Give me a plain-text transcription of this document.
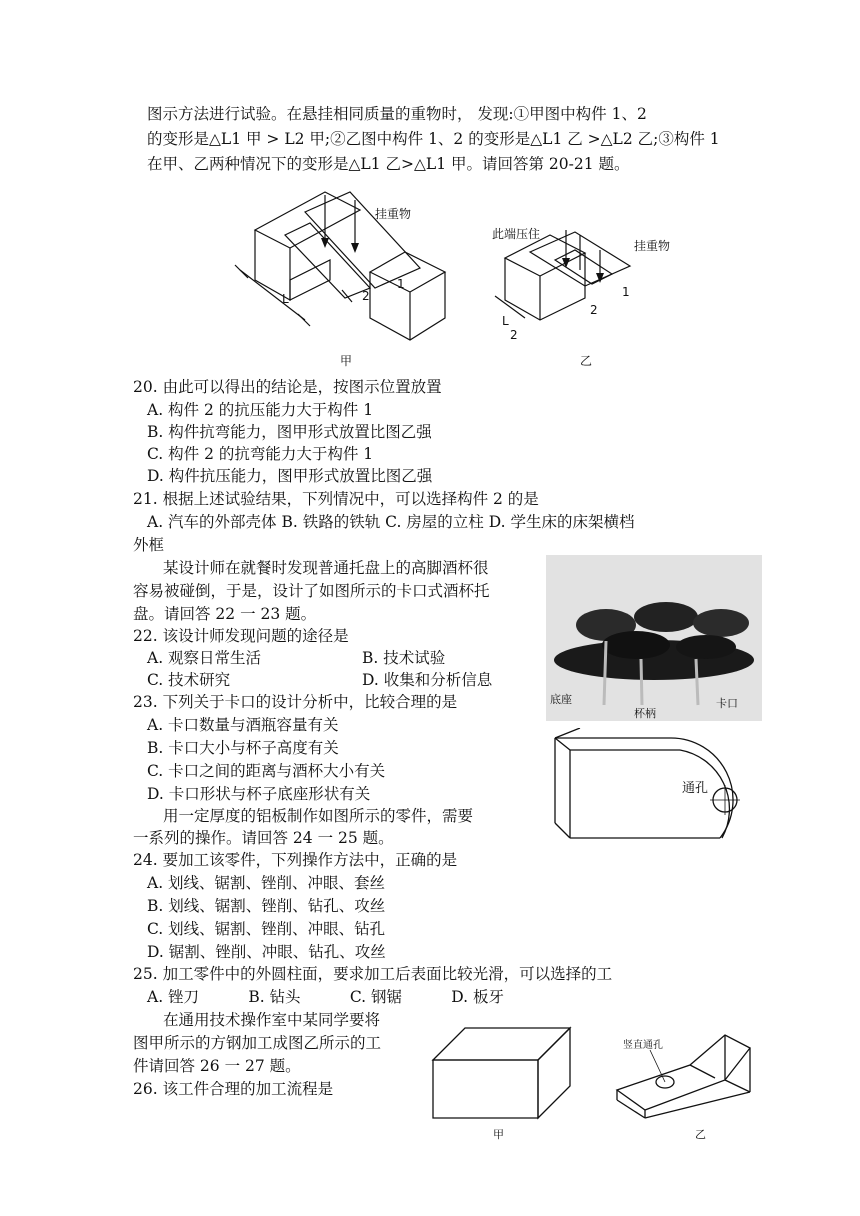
图示方法进行试验。在悬挂相同质量的重物时， 发现:①甲图中构件 1、2
的变形是△L1 甲 > L2 甲;②乙图中构件 1、2 的变形是△L1 乙 >△L2 乙;③构件 1
在甲、乙两种情况下的变形是△L1 乙>△L1 甲。请回答第 20-21 题。
挂重物
1
2
L
此端压住
挂重物
1
2
L
2
甲	乙
20. 由此可以得出的结论是，按图示位置放置
A. 构件 2 的抗压能力大于构件 1
B. 构件抗弯能力，图甲形式放置比图乙强
C. 构件 2 的抗弯能力大于构件 1
D. 构件抗压能力，图甲形式放置比图乙强
21. 根据上述试验结果，下列情况中，可以选择构件 2 的是
A. 汽车的外部壳体 B. 铁路的铁轨 C. 房屋的立柱 D. 学生床的床架横档
外框
某设计师在就餐时发现普通托盘上的高脚酒杯很
容易被碰倒，于是，设计了如图所示的卡口式酒杯托
盘。请回答 22 一 23 题。
底座
杯柄
卡口
22. 该设计师发现问题的途径是
A. 观察日常生活	B. 技术试验
C. 技术研究	D. 收集和分析信息
23. 下列关于卡口的设计分析中，比较合理的是
A. 卡口数量与酒瓶容量有关
B. 卡口大小与杯子高度有关
C. 卡口之间的距离与酒杯大小有关
D. 卡口形状与杯子底座形状有关	通孔
用一定厚度的铝板制作如图所示的零件，需要
一系列的操作。请回答 24 一 25 题。
24. 要加工该零件，下列操作方法中，正确的是
A. 划线、锯割、锉削、冲眼、套丝
B. 划线、锯割、锉削、钻孔、攻丝
C. 划线、锯割、锉削、冲眼、钻孔
D. 锯割、锉削、冲眼、钻孔、攻丝
25. 加工零件中的外圆柱面，要求加工后表面比较光滑，可以选择的工
A. 锉刀          B. 钻头          C. 钢锯          D. 板牙
在通用技术操作室中某同学要将
图甲所示的方钢加工成图乙所示的工
件请回答 26 一 27 题。
26. 该工件合理的加工流程是
竖直通孔
甲	乙
